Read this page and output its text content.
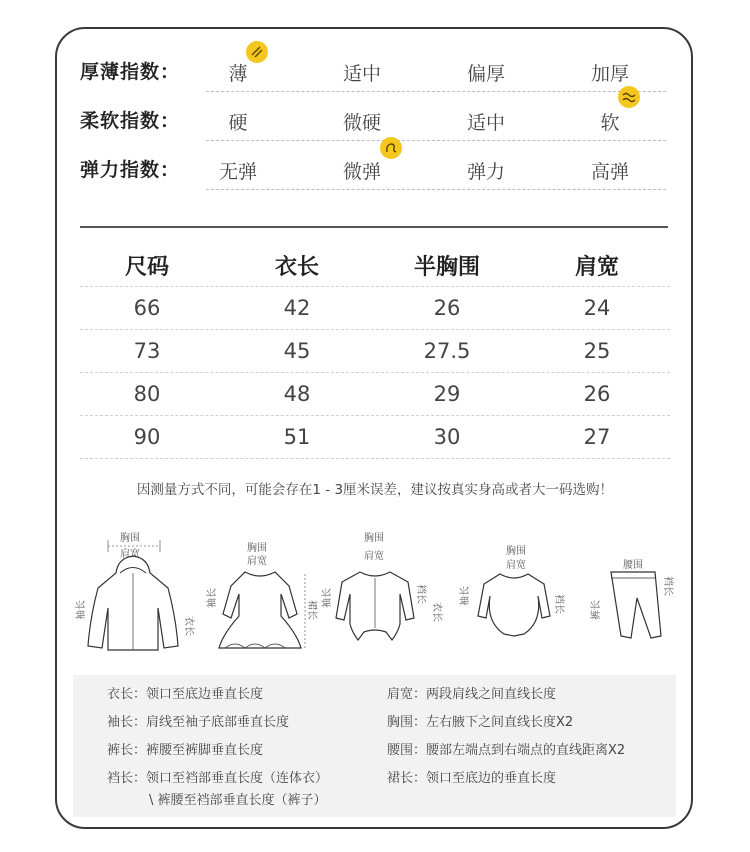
厚薄指数：	薄	适中	偏厚	加厚
柔软指数：	硬	微硬	适中	软
弹力指数：	无弹	微弹	弹力	高弹
尺码	衣长	半胸围	肩宽
66	42	26	24
73	45	27.5	25
80	48	29	26
90	51	30	27
因测量方式不同，可能会存在1 - 3厘米误差，建议按真实身高或者大一码选购！
胸围
肩宽
袖长
衣长
胸围
肩宽
袖长
裙长
胸围
肩宽
袖长	裆长
衣长
胸围
肩宽
袖长	裆长
腰围
裤长
裆长
衣长：领口至底边垂直长度	肩宽：两段肩线之间直线长度
袖长：肩线至袖子底部垂直长度	胸围：左右腋下之间直线长度X2
裤长：裤腰至裤脚垂直长度	腰围：腰部左端点到右端点的直线距离X2
裆长：领口至裆部垂直长度（连体衣）	裙长：领口至底边的垂直长度
\ 裤腰至裆部垂直长度（裤子）
